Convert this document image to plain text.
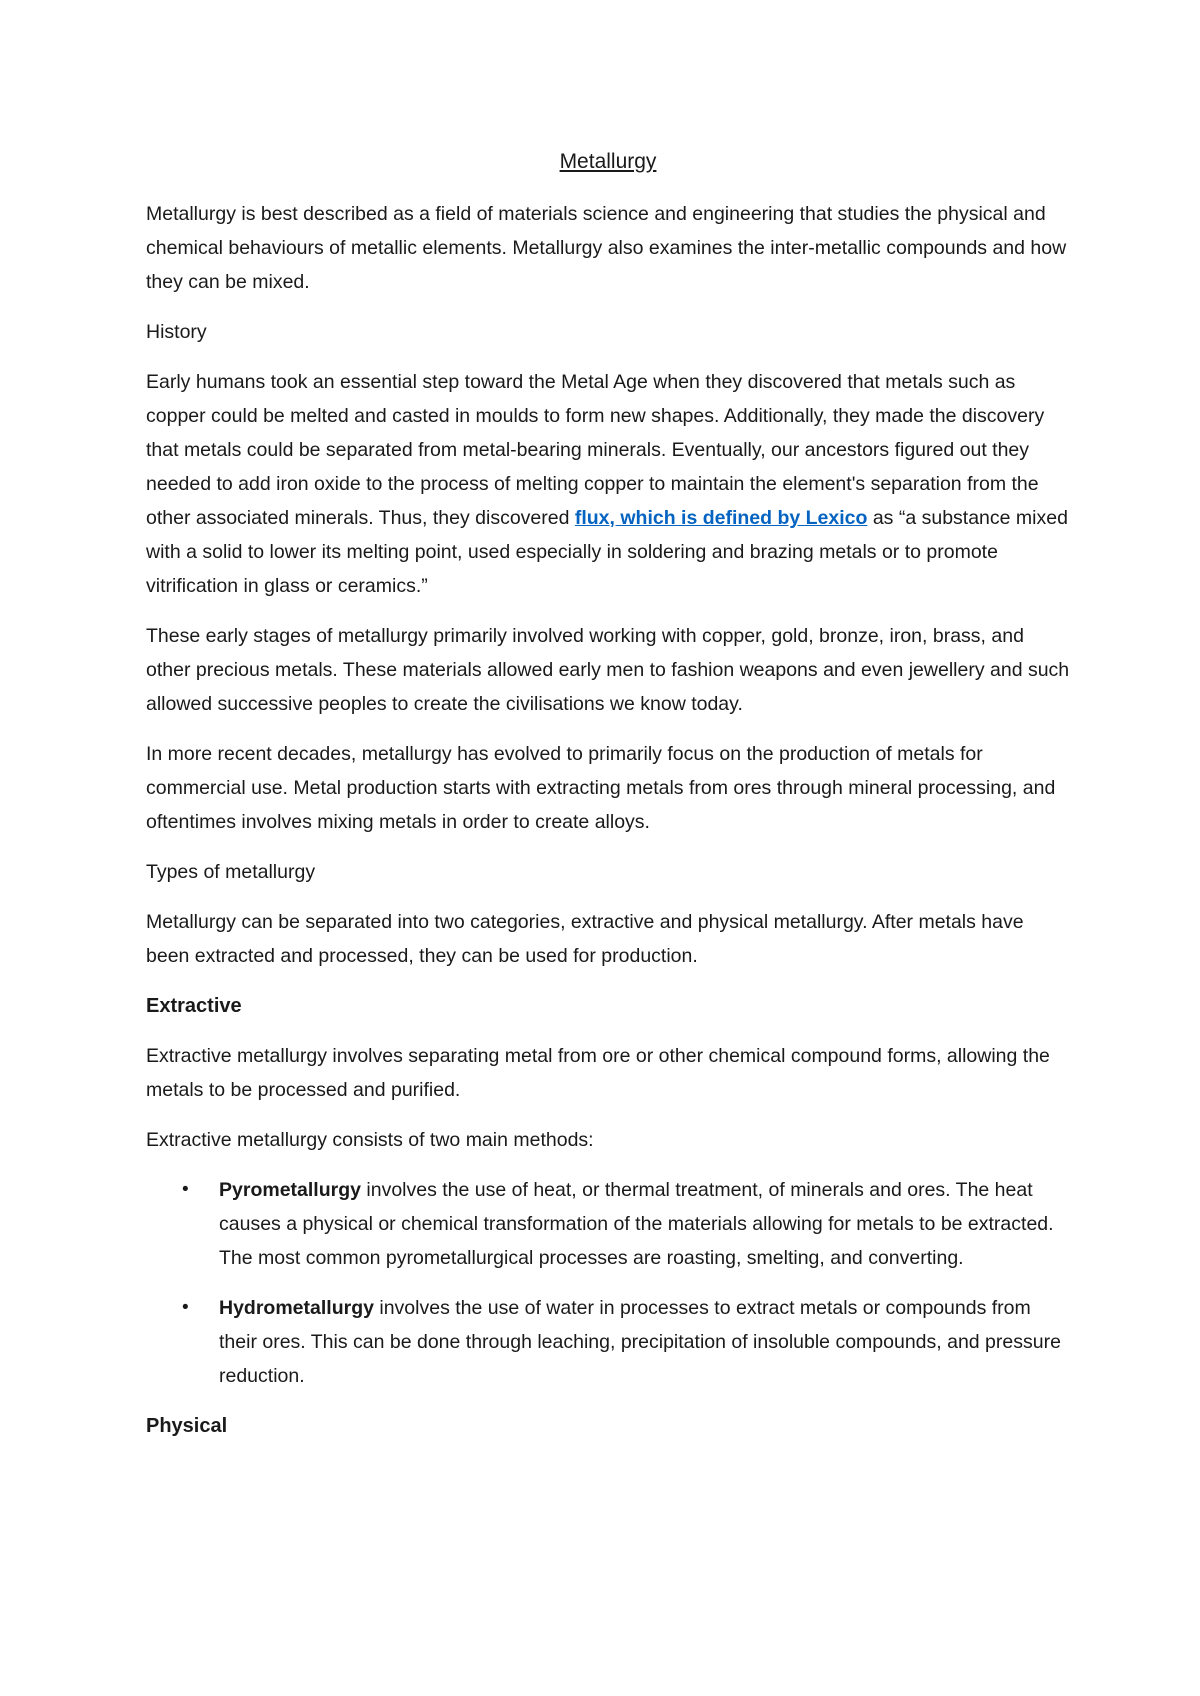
Metallurgy

Metallurgy is best described as a field of materials science and engineering that studies the physical and chemical behaviours of metallic elements. Metallurgy also examines the inter-metallic compounds and how they can be mixed.

History

Early humans took an essential step toward the Metal Age when they discovered that metals such as copper could be melted and casted in moulds to form new shapes. Additionally, they made the discovery that metals could be separated from metal-bearing minerals. Eventually, our ancestors figured out they needed to add iron oxide to the process of melting copper to maintain the element's separation from the other associated minerals. Thus, they discovered flux, which is defined by Lexico as “a substance mixed with a solid to lower its melting point, used especially in soldering and brazing metals or to promote vitrification in glass or ceramics.”

These early stages of metallurgy primarily involved working with copper, gold, bronze, iron, brass, and other precious metals. These materials allowed early men to fashion weapons and even jewellery and such allowed successive peoples to create the civilisations we know today.

In more recent decades, metallurgy has evolved to primarily focus on the production of metals for commercial use. Metal production starts with extracting metals from ores through mineral processing, and oftentimes involves mixing metals in order to create alloys.

Types of metallurgy

Metallurgy can be separated into two categories, extractive and physical metallurgy. After metals have been extracted and processed, they can be used for production.

Extractive

Extractive metallurgy involves separating metal from ore or other chemical compound forms, allowing the metals to be processed and purified.

Extractive metallurgy consists of two main methods:

• Pyrometallurgy involves the use of heat, or thermal treatment, of minerals and ores. The heat causes a physical or chemical transformation of the materials allowing for metals to be extracted. The most common pyrometallurgical processes are roasting, smelting, and converting.
• Hydrometallurgy involves the use of water in processes to extract metals or compounds from their ores. This can be done through leaching, precipitation of insoluble compounds, and pressure reduction.
Physical
